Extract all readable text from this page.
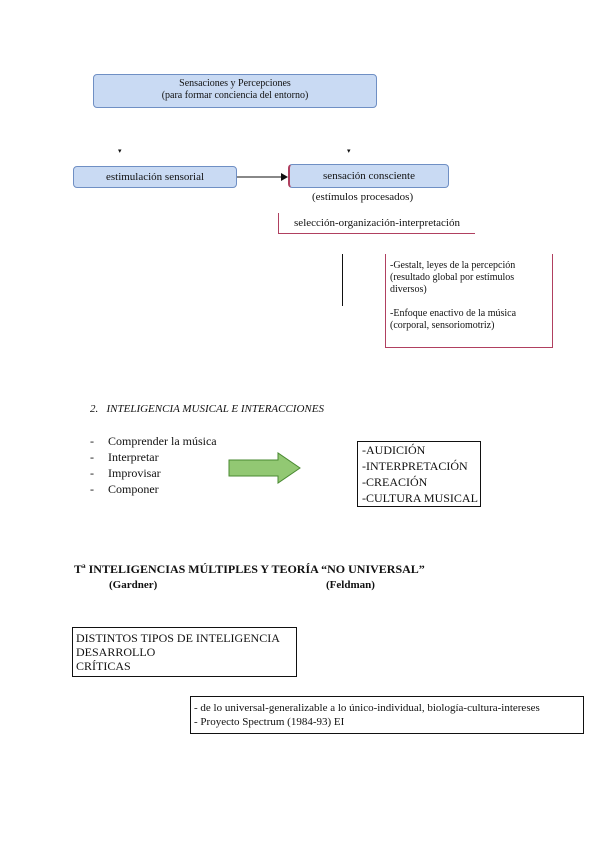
Sensaciones y Percepciones
(para formar conciencia del entorno)
▾	▾
estimulación sensorial	sensación consciente
(estímulos procesados)
selección-organización-interpretación
-Gestalt, leyes de la percepción (resultado global por estímulos diversos)
-Enfoque enactivo de la música (corporal, sensoriomotriz)
2.   INTELIGENCIA MUSICAL E INTERACCIONES
- Comprender la música
- Interpretar
- Improvisar
- Componer
-AUDICIÓN
-INTERPRETACIÓN
-CREACIÓN
-CULTURA MUSICAL
Tª INTELIGENCIAS MÚLTIPLES Y TEORÍA “NO UNIVERSAL”
(Gardner)	(Feldman)
DISTINTOS TIPOS DE INTELIGENCIA
DESARROLLO
CRÍTICAS
- de lo universal-generalizable a lo único-individual, biología-cultura-intereses
- Proyecto Spectrum (1984-93) EI
